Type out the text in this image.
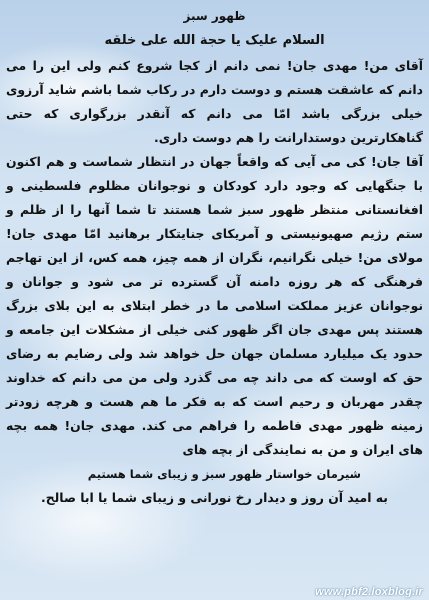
ظهور سبز
السلام علیک یا حجة الله علی خلقه

آقای من! مهدی جان! نمی دانم از کجا شروع کنم ولی این را می دانم که عاشقت هستم و دوست دارم در رکاب شما باشم شاید آرزوی خیلی بزرگی باشد امّا می دانم که آنقدر بزرگواری که حتی گناهکارترین دوستدارانت را هم دوست داری.

آقا جان! کی می آیی که واقعاً جهان در انتظار شماست و هم اکنون با جنگهایی که وجود دارد کودکان و نوجوانان مظلوم فلسطینی و افغانستانی منتظر ظهور سبز شما هستند تا شما آنها را از ظلم و ستم رژیم صهیونیستی و آمریکای جنایتکار برهانید امّا مهدی جان! مولای من! خیلی نگرانیم، نگران از همه چیز، همه کس، از این تهاجم فرهنگی که هر روزه دامنه آن گسترده تر می شود و جوانان و نوجوانان عزیز مملکت اسلامی ما در خطر ابتلای به این بلای بزرگ هستند پس مهدی جان اگر ظهور کنی خیلی از مشکلات این جامعه و حدود یک میلیارد مسلمان جهان حل خواهد شد ولی رضایم به رضای حق که اوست که می داند چه می گذرد ولی من می دانم که خداوند چقدر مهربان و رحیم است که به فکر ما هم هست و هرچه زودتر زمینه ظهور مهدی فاطمه را فراهم می کند. مهدی جان! همه بچه های ایران و من به نمایندگی از بچه های

شیرمان خواستار ظهور سبز و زیبای شما هستیم

به امید آن روز و دیدار رخ نورانی و زیبای شما یا ابا صالح.

www.pbf2.loxblog.ir
